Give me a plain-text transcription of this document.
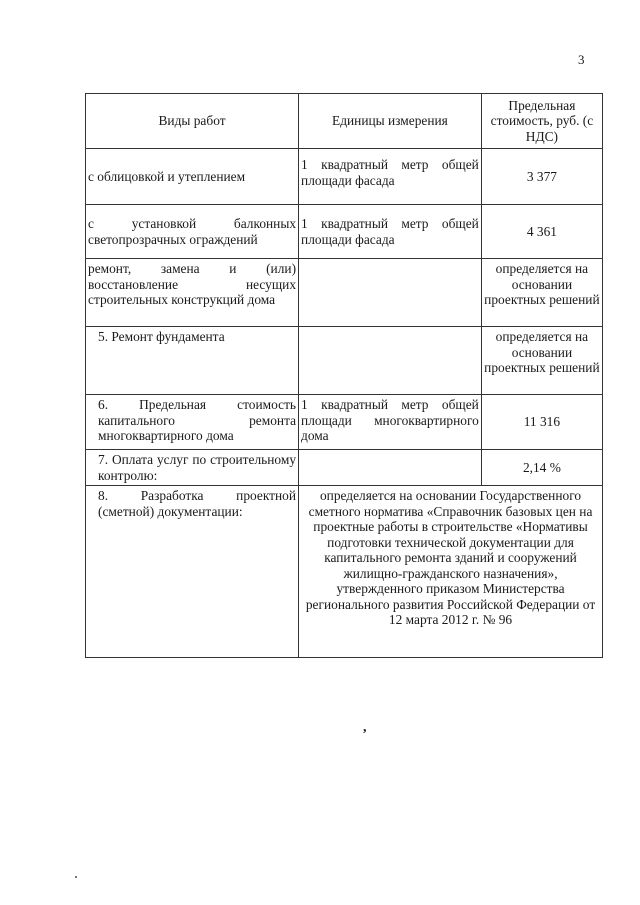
3
Виды работ	Единицы измерения	Предельная стоимость, руб. (с НДС)
с облицовкой и утеплением	1 квадратный метр общей площади фасада	3 377
с установкой балконных светопрозрачных ограждений	1 квадратный метр общей площади фасада	4 361
ремонт, замена и (или) восстановление несущих строительных конструкций дома		определяется на основании проектных решений
5. Ремонт фундамента		определяется на основании проектных решений
6. Предельная стоимость капитального ремонта многоквартирного дома	1 квадратный метр общей площади многоквартирного дома	11 316
7. Оплата услуг по строительному контролю:		2,14 %
8. Разработка проектной (сметной) документации:	определяется на основании Государственного сметного норматива «Справочник базовых цен на проектные работы в строительстве «Нормативы подготовки технической документации для капитального ремонта зданий и сооружений жилищно-гражданского назначения», утвержденного приказом Министерства регионального развития Российской Федерации от 12 марта 2012 г. № 96	
,
